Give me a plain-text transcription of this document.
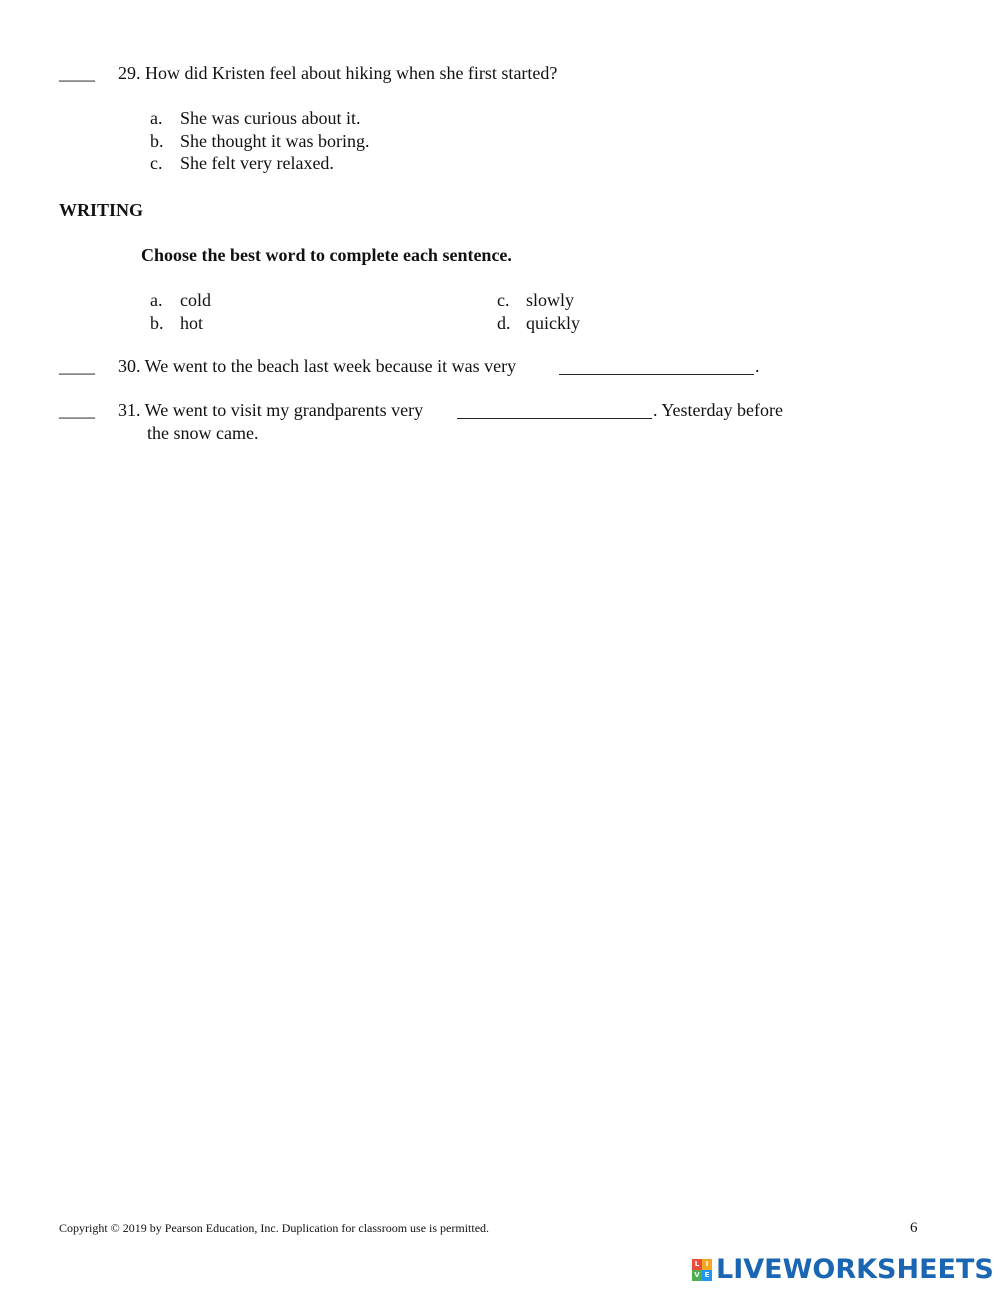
____ 29. How did Kristen feel about hiking when she first started?
a. She was curious about it.
b. She thought it was boring.
c. She felt very relaxed.
WRITING
Choose the best word to complete each sentence.
a. cold
b. hot
c. slowly
d. quickly
____ 30. We went to the beach last week because it was very	.
____ 31. We went to visit my grandparents very	. Yesterday before
the snow came.
Copyright © 2019 by Pearson Education, Inc. Duplication for classroom use is permitted.	6
L I
V E LIVEWORKSHEETS
